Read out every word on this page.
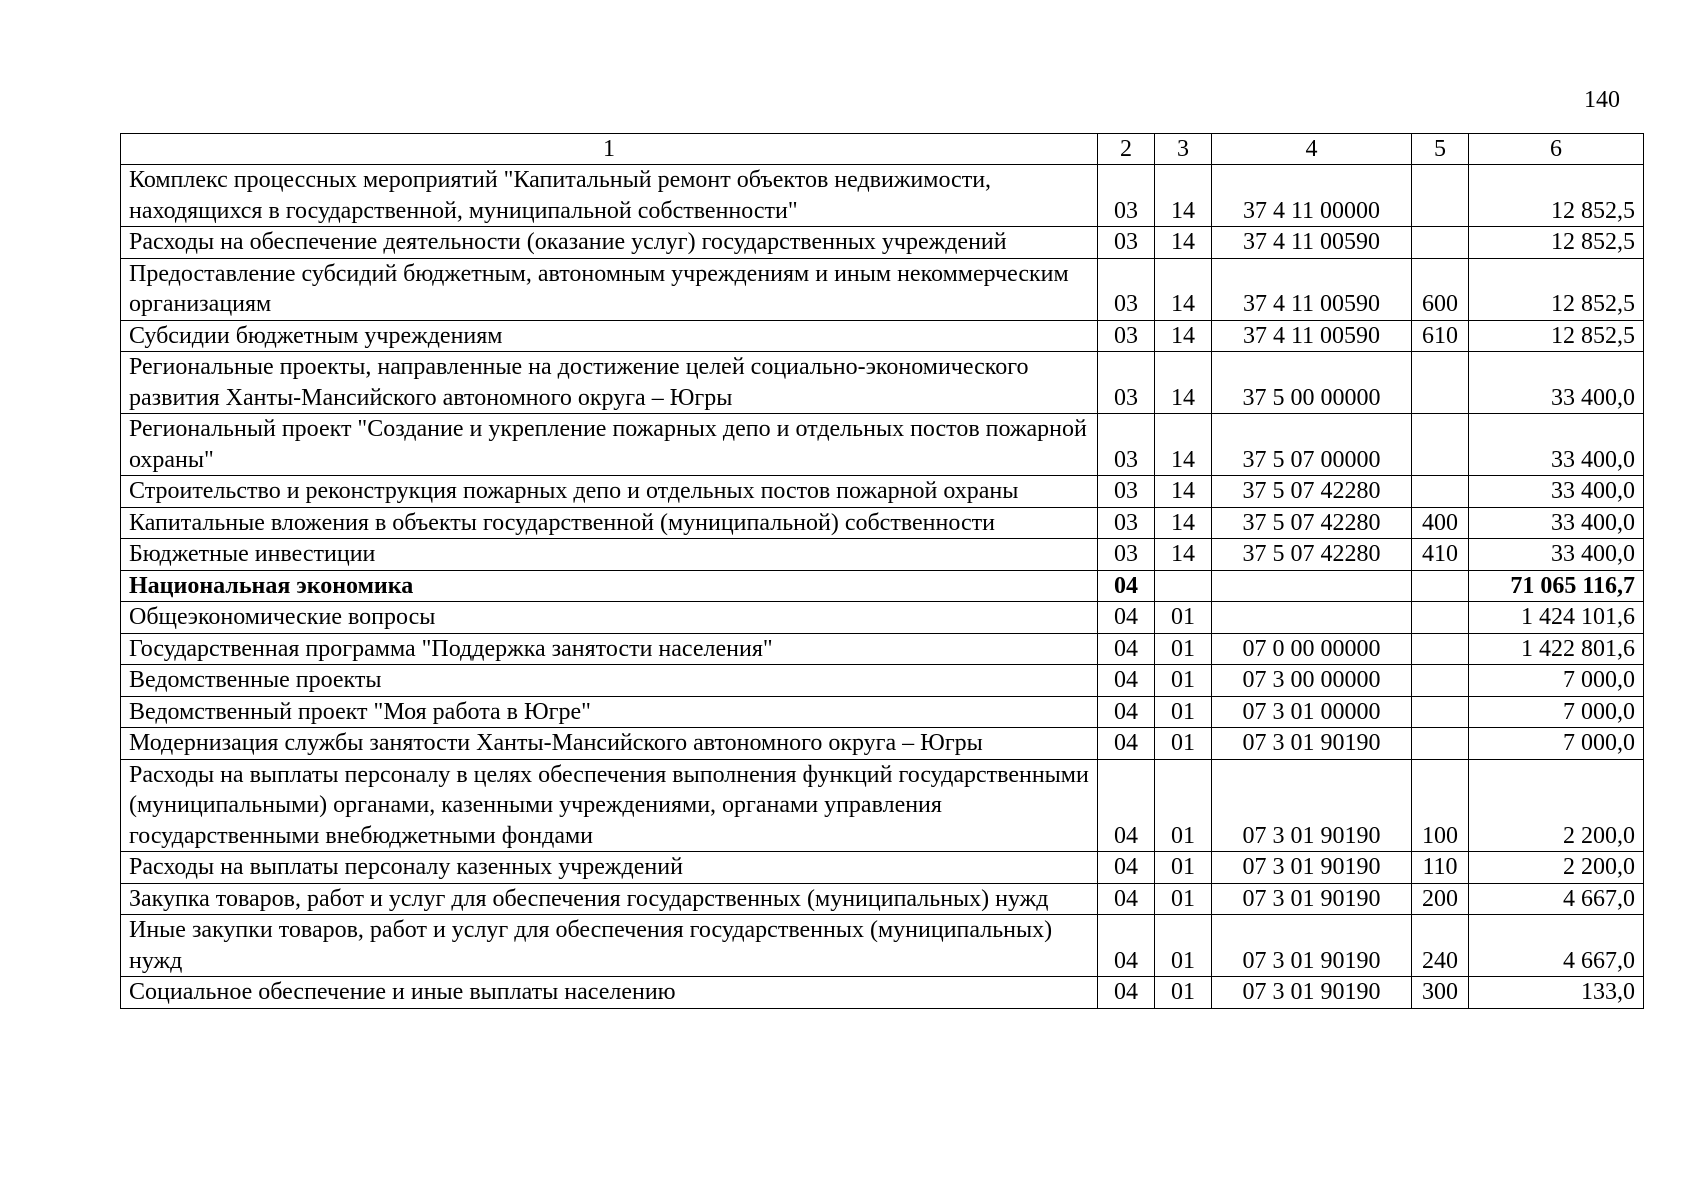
140
1	2	3	4	5	6
Комплекс процессных мероприятий "Капитальный ремонт объектов недвижимости, находящихся в государственной, муниципальной собственности"	03	14	37 4 11 00000		12 852,5
Расходы на обеспечение деятельности (оказание услуг) государственных учреждений	03	14	37 4 11 00590		12 852,5
Предоставление субсидий бюджетным, автономным учреждениям и иным некоммерческим организациям	03	14	37 4 11 00590	600	12 852,5
Субсидии бюджетным учреждениям	03	14	37 4 11 00590	610	12 852,5
Региональные проекты, направленные на достижение целей социально-экономического развития Ханты-Мансийского автономного округа – Югры	03	14	37 5 00 00000		33 400,0
Региональный проект "Создание и укрепление пожарных депо и отдельных постов пожарной охраны"	03	14	37 5 07 00000		33 400,0
Строительство и реконструкция пожарных депо и отдельных постов пожарной охраны	03	14	37 5 07 42280		33 400,0
Капитальные вложения в объекты государственной (муниципальной) собственности	03	14	37 5 07 42280	400	33 400,0
Бюджетные инвестиции	03	14	37 5 07 42280	410	33 400,0
Национальная экономика	04				71 065 116,7
Общеэкономические вопросы	04	01			1 424 101,6
Государственная программа "Поддержка занятости населения"	04	01	07 0 00 00000		1 422 801,6
Ведомственные проекты	04	01	07 3 00 00000		7 000,0
Ведомственный проект "Моя работа в Югре"	04	01	07 3 01 00000		7 000,0
Модернизация службы занятости Ханты-Мансийского автономного округа – Югры	04	01	07 3 01 90190		7 000,0
Расходы на выплаты персоналу в целях обеспечения выполнения функций государственными (муниципальными) органами, казенными учреждениями, органами управления государственными внебюджетными фондами	04	01	07 3 01 90190	100	2 200,0
Расходы на выплаты персоналу казенных учреждений	04	01	07 3 01 90190	110	2 200,0
Закупка товаров, работ и услуг для обеспечения государственных (муниципальных) нужд	04	01	07 3 01 90190	200	4 667,0
Иные закупки товаров, работ и услуг для обеспечения государственных (муниципальных) нужд	04	01	07 3 01 90190	240	4 667,0
Социальное обеспечение и иные выплаты населению	04	01	07 3 01 90190	300	133,0
